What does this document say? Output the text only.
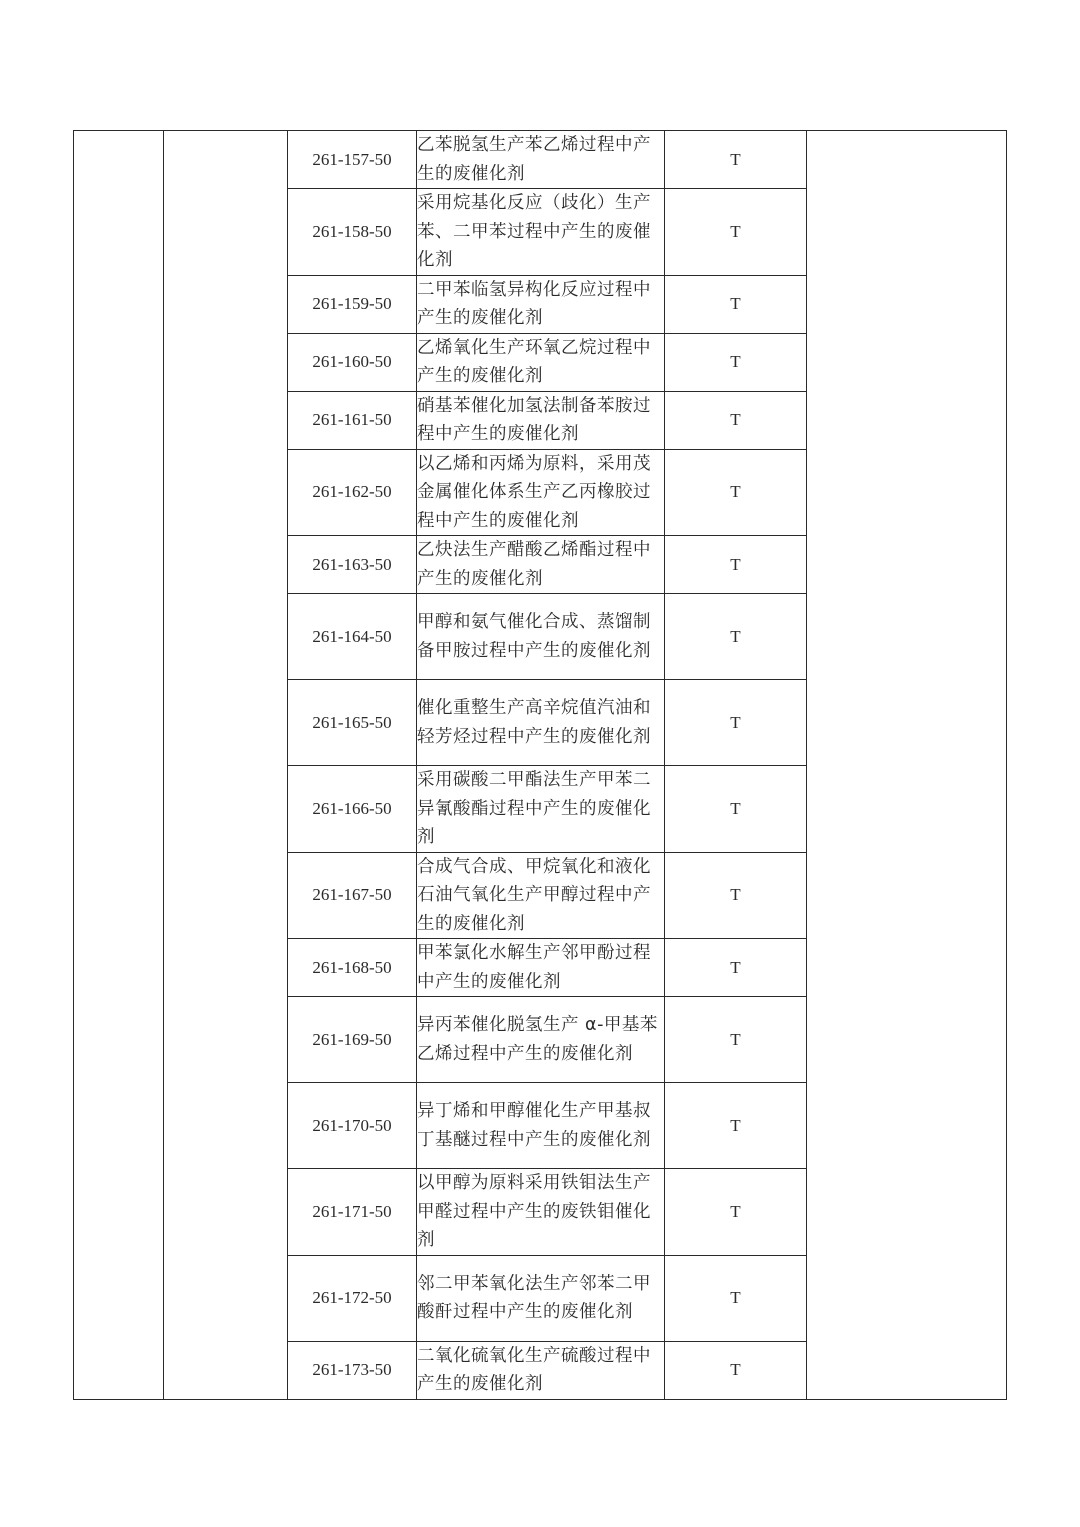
		261-157-50	乙苯脱氢生产苯乙烯过程中产生的废催化剂	T	
		261-158-50	采用烷基化反应（歧化）生产苯、二甲苯过程中产生的废催化剂	T	
		261-159-50	二甲苯临氢异构化反应过程中产生的废催化剂	T	
		261-160-50	乙烯氧化生产环氧乙烷过程中产生的废催化剂	T	
		261-161-50	硝基苯催化加氢法制备苯胺过程中产生的废催化剂	T	
		261-162-50	以乙烯和丙烯为原料，采用茂金属催化体系生产乙丙橡胶过程中产生的废催化剂	T	
		261-163-50	乙炔法生产醋酸乙烯酯过程中产生的废催化剂	T	
		261-164-50	甲醇和氨气催化合成、蒸馏制备甲胺过程中产生的废催化剂	T	
		261-165-50	催化重整生产高辛烷值汽油和轻芳烃过程中产生的废催化剂	T	
		261-166-50	采用碳酸二甲酯法生产甲苯二异氰酸酯过程中产生的废催化剂	T	
		261-167-50	合成气合成、甲烷氧化和液化石油气氧化生产甲醇过程中产生的废催化剂	T	
		261-168-50	甲苯氯化水解生产邻甲酚过程中产生的废催化剂	T	
		261-169-50	异丙苯催化脱氢生产 α-甲基苯乙烯过程中产生的废催化剂	T	
		261-170-50	异丁烯和甲醇催化生产甲基叔丁基醚过程中产生的废催化剂	T	
		261-171-50	以甲醇为原料采用铁钼法生产甲醛过程中产生的废铁钼催化剂	T	
		261-172-50	邻二甲苯氧化法生产邻苯二甲酸酐过程中产生的废催化剂	T	
		261-173-50	二氧化硫氧化生产硫酸过程中产生的废催化剂	T	
